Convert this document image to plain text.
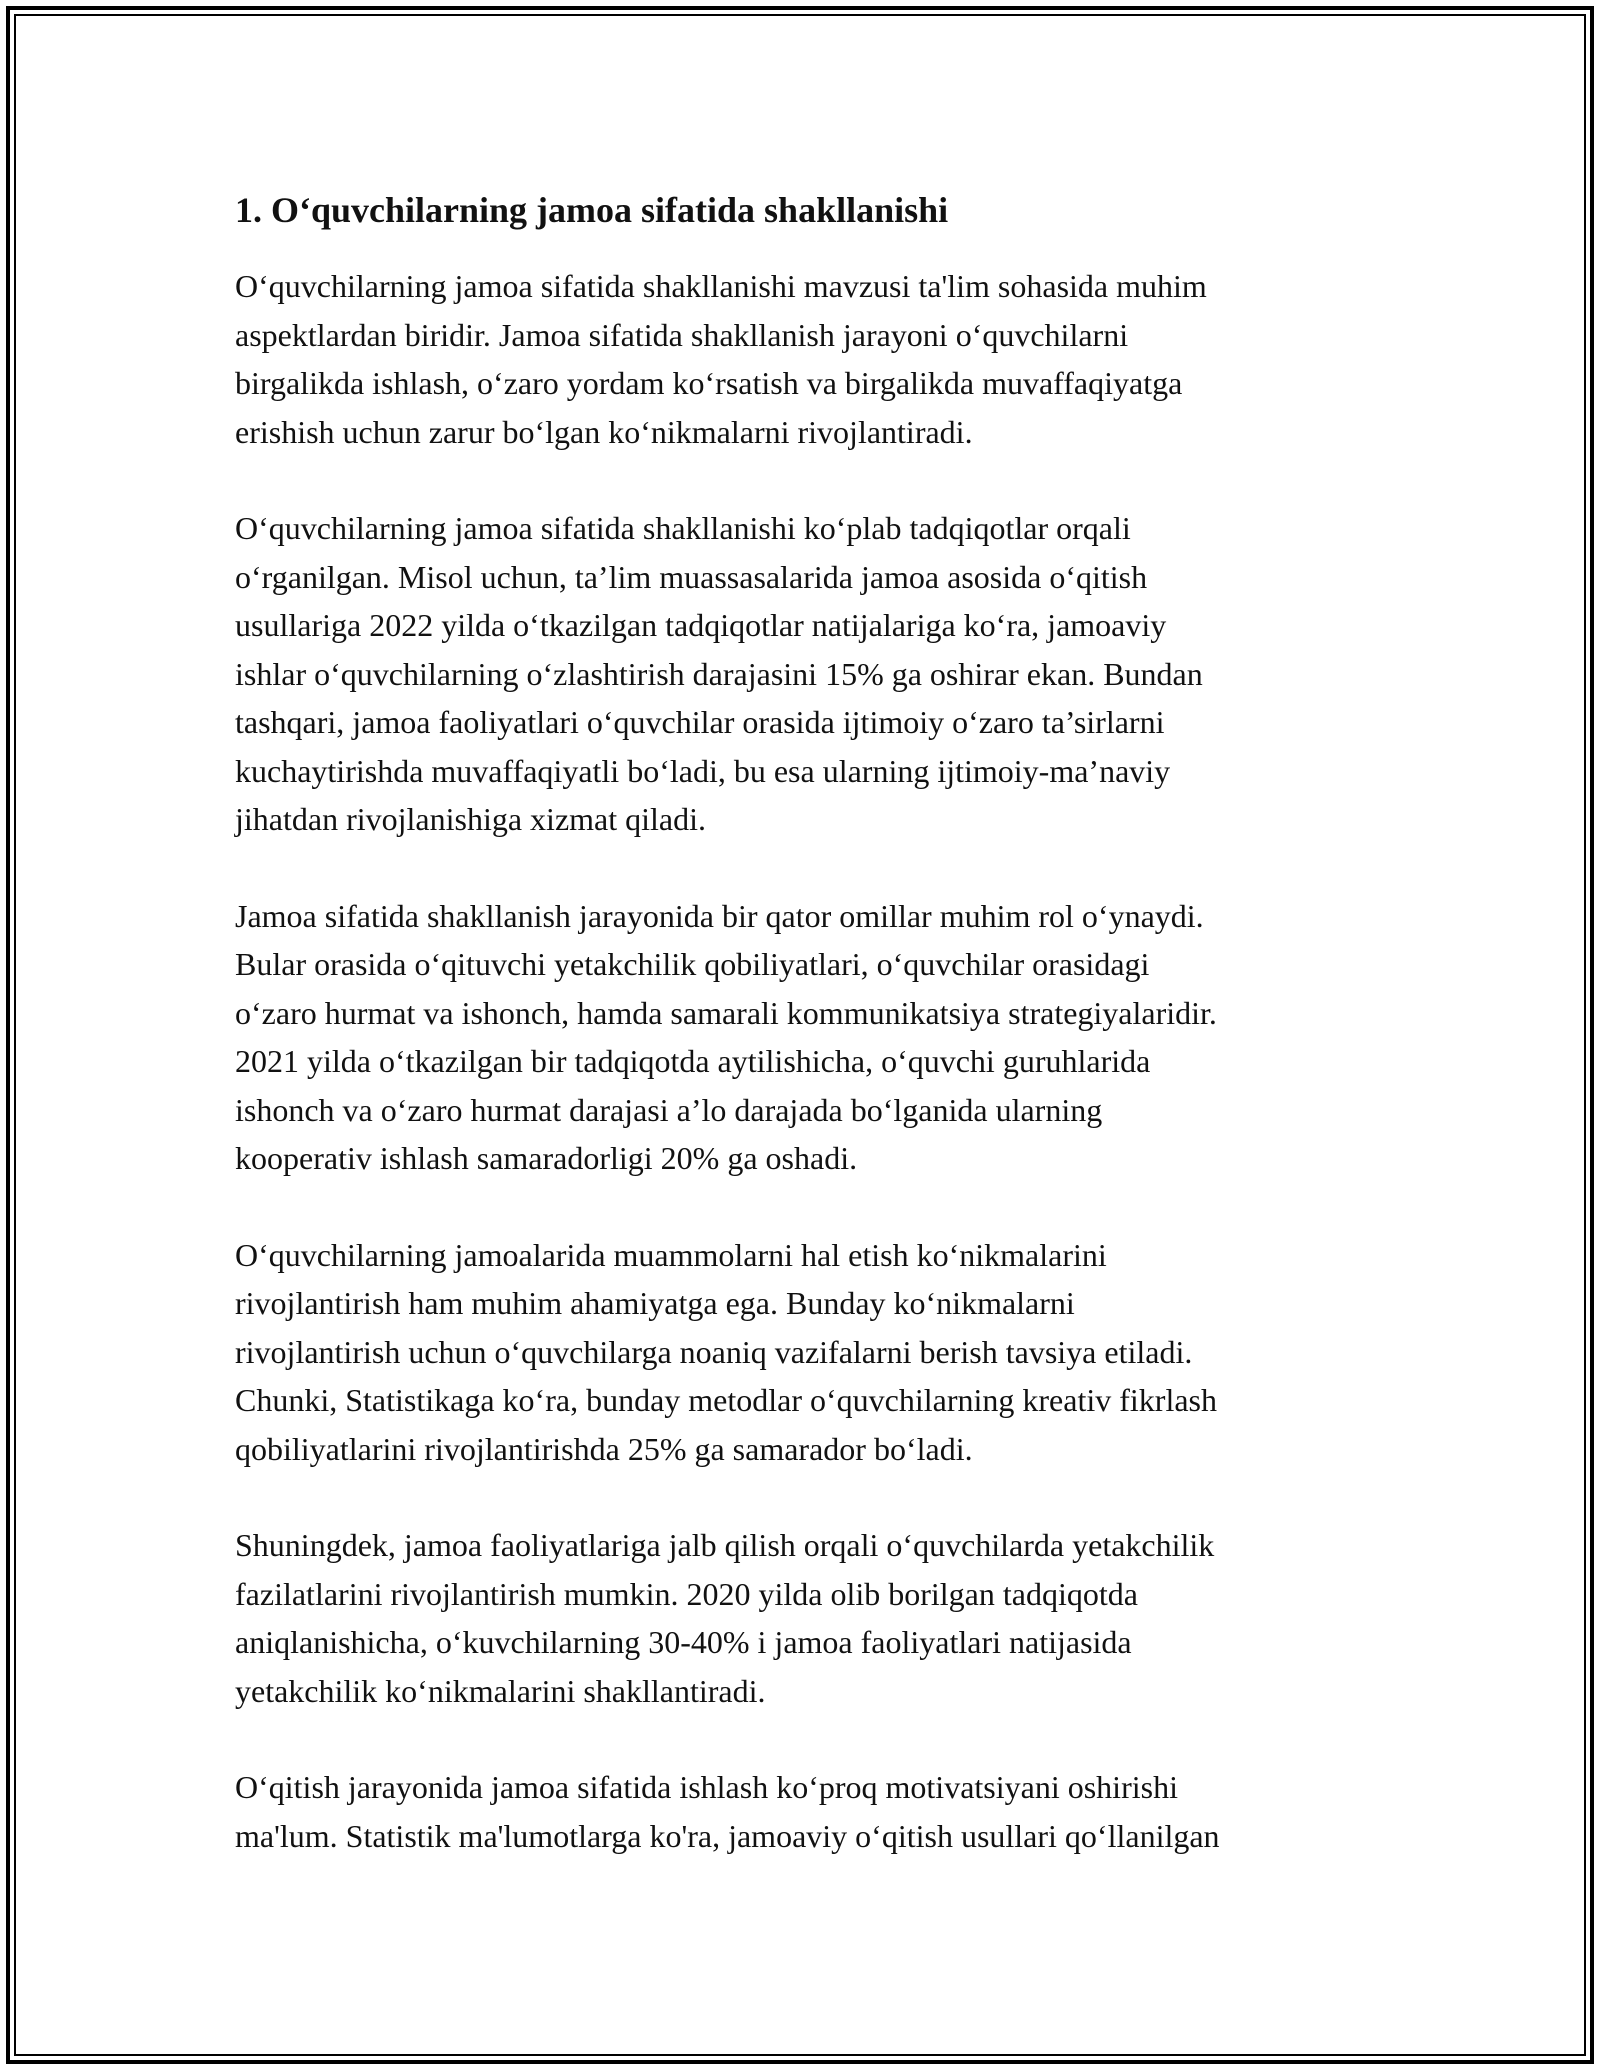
1. O‘quvchilarning jamoa sifatida shakllanishi

O‘quvchilarning jamoa sifatida shakllanishi mavzusi ta'lim sohasida muhim
aspektlardan biridir. Jamoa sifatida shakllanish jarayoni o‘quvchilarni
birgalikda ishlash, o‘zaro yordam ko‘rsatish va birgalikda muvaffaqiyatga
erishish uchun zarur bo‘lgan ko‘nikmalarni rivojlantiradi.

O‘quvchilarning jamoa sifatida shakllanishi ko‘plab tadqiqotlar orqali
o‘rganilgan. Misol uchun, ta’lim muassasalarida jamoa asosida o‘qitish
usullariga 2022 yilda o‘tkazilgan tadqiqotlar natijalariga ko‘ra, jamoaviy
ishlar o‘quvchilarning o‘zlashtirish darajasini 15% ga oshirar ekan. Bundan
tashqari, jamoa faoliyatlari o‘quvchilar orasida ijtimoiy o‘zaro ta’sirlarni
kuchaytirishda muvaffaqiyatli bo‘ladi, bu esa ularning ijtimoiy-ma’naviy
jihatdan rivojlanishiga xizmat qiladi.

Jamoa sifatida shakllanish jarayonida bir qator omillar muhim rol o‘ynaydi.
Bular orasida o‘qituvchi yetakchilik qobiliyatlari, o‘quvchilar orasidagi
o‘zaro hurmat va ishonch, hamda samarali kommunikatsiya strategiyalaridir.
2021 yilda o‘tkazilgan bir tadqiqotda aytilishicha, o‘quvchi guruhlarida
ishonch va o‘zaro hurmat darajasi a’lo darajada bo‘lganida ularning
kooperativ ishlash samaradorligi 20% ga oshadi.

O‘quvchilarning jamoalarida muammolarni hal etish ko‘nikmalarini
rivojlantirish ham muhim ahamiyatga ega. Bunday ko‘nikmalarni
rivojlantirish uchun o‘quvchilarga noaniq vazifalarni berish tavsiya etiladi.
Chunki, Statistikaga ko‘ra, bunday metodlar o‘quvchilarning kreativ fikrlash
qobiliyatlarini rivojlantirishda 25% ga samarador bo‘ladi.

Shuningdek, jamoa faoliyatlariga jalb qilish orqali o‘quvchilarda yetakchilik
fazilatlarini rivojlantirish mumkin. 2020 yilda olib borilgan tadqiqotda
aniqlanishicha, o‘kuvchilarning 30-40% i jamoa faoliyatlari natijasida
yetakchilik ko‘nikmalarini shakllantiradi.

O‘qitish jarayonida jamoa sifatida ishlash ko‘proq motivatsiyani oshirishi
ma'lum. Statistik ma'lumotlarga ko'ra, jamoaviy o‘qitish usullari qo‘llanilgan
